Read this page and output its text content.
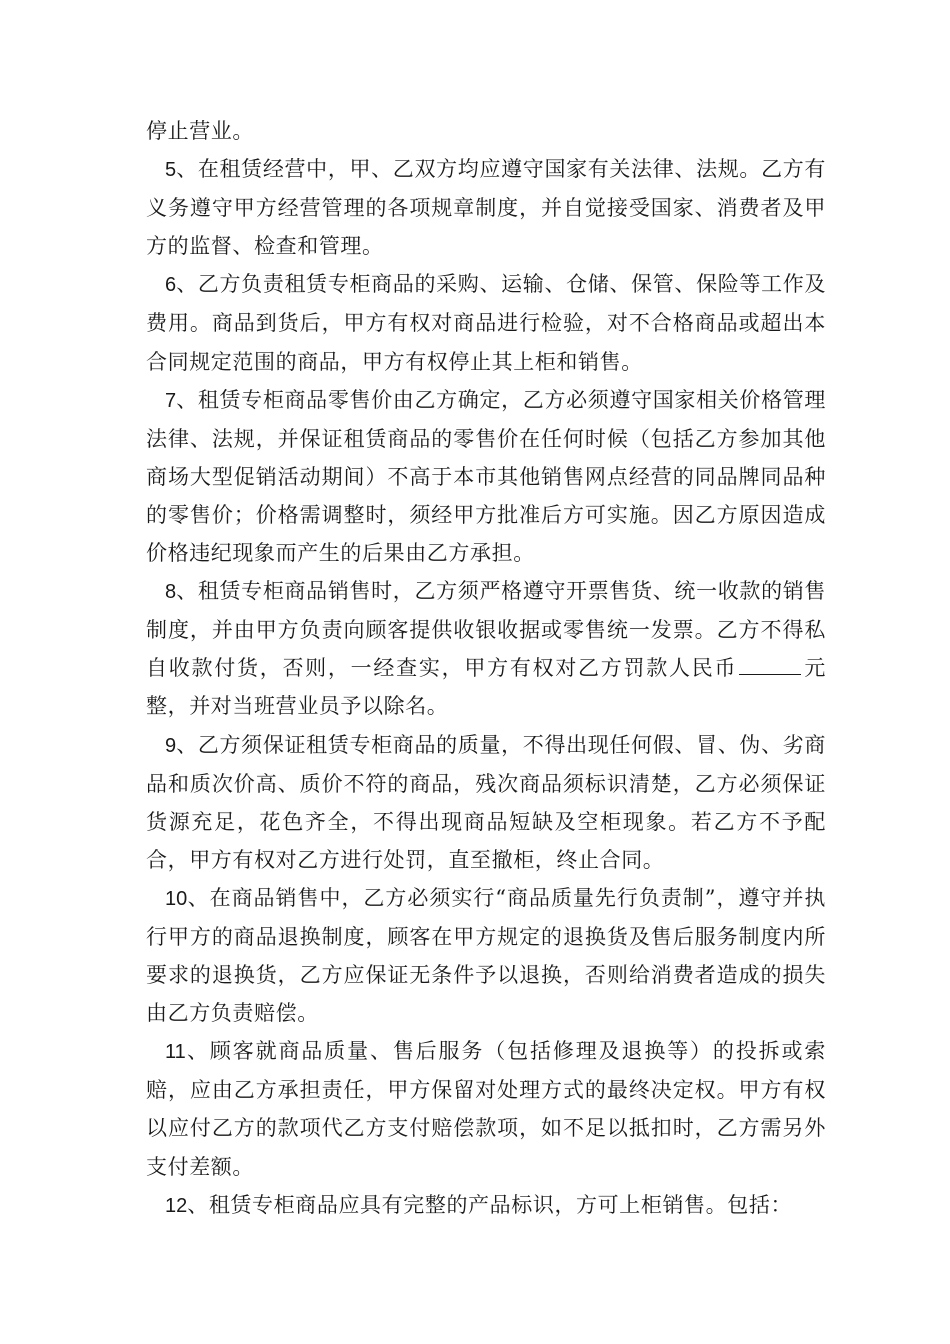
停止营业。

5、在租赁经营中，甲、乙双方均应遵守国家有关法律、法规。乙方有义务遵守甲方经营管理的各项规章制度，并自觉接受国家、消费者及甲方的监督、检查和管理。

6、乙方负责租赁专柜商品的采购、运输、仓储、保管、保险等工作及费用。商品到货后，甲方有权对商品进行检验，对不合格商品或超出本合同规定范围的商品，甲方有权停止其上柜和销售。

7、租赁专柜商品零售价由乙方确定，乙方必须遵守国家相关价格管理法律、法规，并保证租赁商品的零售价在任何时候（包括乙方参加其他商场大型促销活动期间）不高于本市其他销售网点经营的同品牌同品种的零售价；价格需调整时，须经甲方批准后方可实施。因乙方原因造成价格违纪现象而产生的后果由乙方承担。

8、租赁专柜商品销售时，乙方须严格遵守开票售货、统一收款的销售制度，并由甲方负责向顾客提供收银收据或零售统一发票。乙方不得私自收款付货，否则，一经查实，甲方有权对乙方罚款人民币	元整，并对当班营业员予以除名。

9、乙方须保证租赁专柜商品的质量，不得出现任何假、冒、伪、劣商品和质次价高、质价不符的商品，残次商品须标识清楚，乙方必须保证货源充足，花色齐全，不得出现商品短缺及空柜现象。若乙方不予配合，甲方有权对乙方进行处罚，直至撤柜，终止合同。

10、在商品销售中，乙方必须实行“商品质量先行负责制”，遵守并执行甲方的商品退换制度，顾客在甲方规定的退换货及售后服务制度内所要求的退换货，乙方应保证无条件予以退换，否则给消费者造成的损失由乙方负责赔偿。

11、顾客就商品质量、售后服务（包括修理及退换等）的投拆或索赔，应由乙方承担责任，甲方保留对处理方式的最终决定权。甲方有权以应付乙方的款项代乙方支付赔偿款项，如不足以抵扣时，乙方需另外支付差额。

12、租赁专柜商品应具有完整的产品标识，方可上柜销售。包括：
